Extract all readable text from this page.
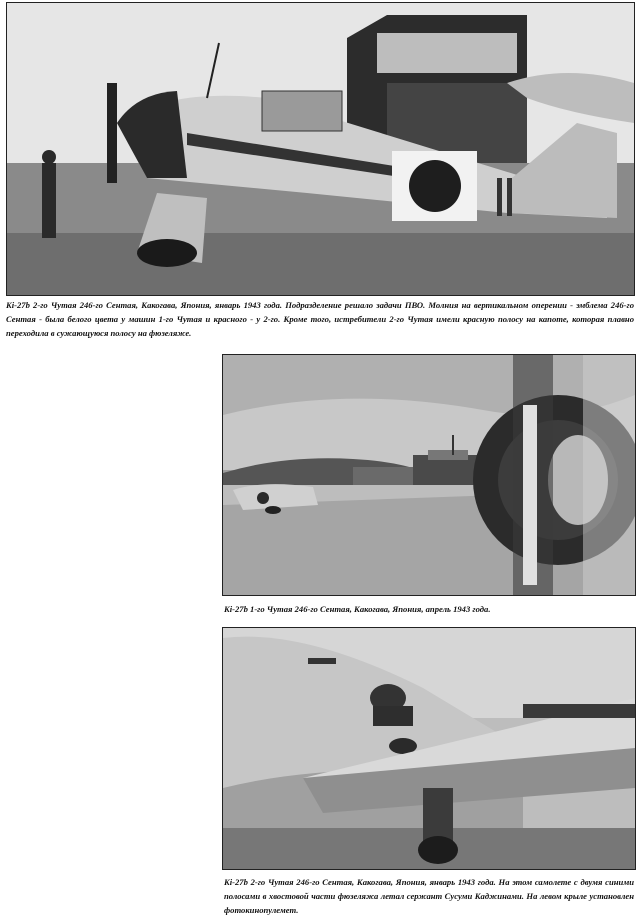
Ki-27b 2-го Чутая 246-го Сентая, Какогава, Япония, январь 1943 года. Подразделение решало задачи ПВО. Молния на вертикальном оперении - эмблема 246-го Сентая - была белого цвета у машин 1-го Чутая и красного - у 2-го. Кроме того, истребители 2-го Чутая имели красную полосу на капоте, которая плавно переходила в сужающуюся полосу на фюзеляже.
Ki-27b 1-го Чутая 246-го Сентая, Какогава, Япония, апрель 1943 года.
Ki-27b 2-го Чутая 246-го Сентая, Какогава, Япония, январь 1943 года. На этом самолете с двумя синими полосами в хвостовой части фюзеляжа летал сержант Сусуми Каджинами. На левом крыле установлен фотокинопулемет.
